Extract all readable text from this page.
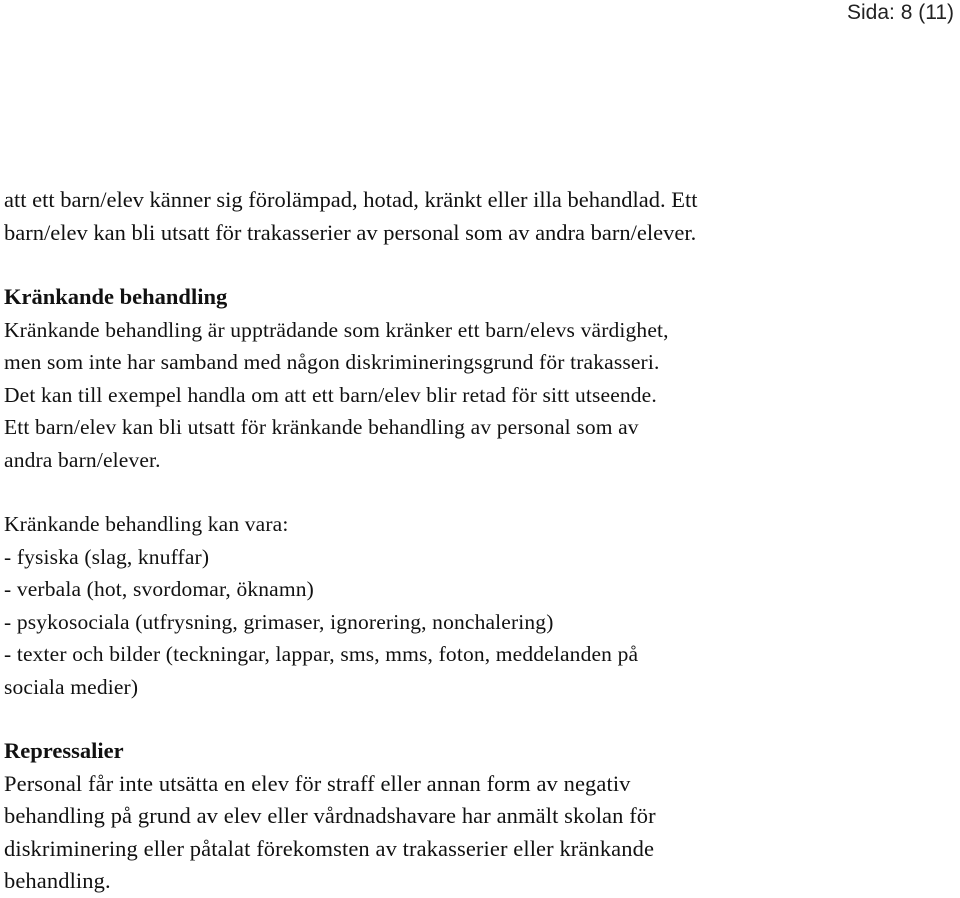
Sida: 8 (11)

att ett barn/elev känner sig förolämpad, hotad, kränkt eller illa behandlad. Ett

barn/elev kan bli utsatt för trakasserier av personal som av andra barn/elever.

Kränkande behandling

Kränkande behandling är uppträdande som kränker ett barn/elevs värdighet,

men som inte har samband med någon diskrimineringsgrund för trakasseri.

Det kan till exempel handla om att ett barn/elev blir retad för sitt utseende.

Ett barn/elev kan bli utsatt för kränkande behandling av personal som av

andra barn/elever.

Kränkande behandling kan vara:

- fysiska (slag, knuffar)

- verbala (hot, svordomar, öknamn)

- psykosociala (utfrysning, grimaser, ignorering, nonchalering)

- texter och bilder (teckningar, lappar, sms, mms, foton, meddelanden på

sociala medier)

Repressalier

Personal får inte utsätta en elev för straff eller annan form av negativ

behandling på grund av elev eller vårdnadshavare har anmält skolan för

diskriminering eller påtalat förekomsten av trakasserier eller kränkande

behandling.
